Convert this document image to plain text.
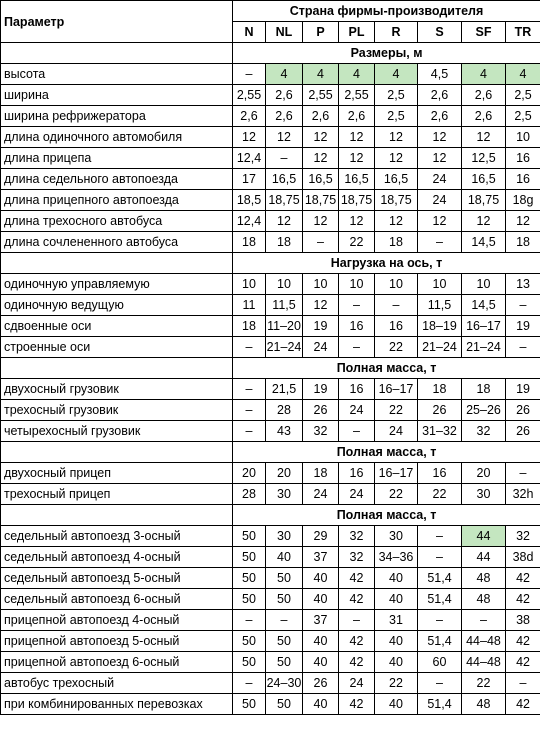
Параметр	Страна фирмы-производителя							
	N	NL	P	PL	R	S	SF	TR
	Размеры, м							
высота	–	4	4	4	4	4,5	4	4
ширина	2,55	2,6	2,55	2,55	2,5	2,6	2,6	2,5
ширина рефрижератора	2,6	2,6	2,6	2,6	2,5	2,6	2,6	2,5
длина одиночного автомобиля	12	12	12	12	12	12	12	10
длина прицепа	12,4	–	12	12	12	12	12,5	16
длина седельного автопоезда	17	16,5	16,5	16,5	16,5	24	16,5	16
длина прицепного автопоезда	18,5	18,75	18,75	18,75	18,75	24	18,75	18g
длина трехосного автобуса	12,4	12	12	12	12	12	12	12
длина сочлененного автобуса	18	18	–	22	18	–	14,5	18
	Нагрузка на ось, т							
одиночную управляемую	10	10	10	10	10	10	10	13
одиночную ведущую	11	11,5	12	–	–	11,5	14,5	–
сдвоенные оси	18	11–20	19	16	16	18–19	16–17	19
строенные оси	–	21–24	24	–	22	21–24	21–24	–
	Полная масса, т							
двухосный грузовик	–	21,5	19	16	16–17	18	18	19
трехосный грузовик	–	28	26	24	22	26	25–26	26
четырехосный грузовик	–	43	32	–	24	31–32	32	26
	Полная масса, т							
двухосный прицеп	20	20	18	16	16–17	16	20	–
трехосный прицеп	28	30	24	24	22	22	30	32h
	Полная масса, т							
седельный автопоезд 3-осный	50	30	29	32	30	–	44	32
седельный автопоезд 4-осный	50	40	37	32	34–36	–	44	38d
седельный автопоезд 5-осный	50	50	40	42	40	51,4	48	42
седельный автопоезд 6-осный	50	50	40	42	40	51,4	48	42
прицепной автопоезд 4-осный	–	–	37	–	31	–	–	38
прицепной автопоезд 5-осный	50	50	40	42	40	51,4	44–48	42
прицепной автопоезд 6-осный	50	50	40	42	40	60	44–48	42
автобус трехосный	–	24–30	26	24	22	–	22	–
при комбинированных перевозках	50	50	40	42	40	51,4	48	42
